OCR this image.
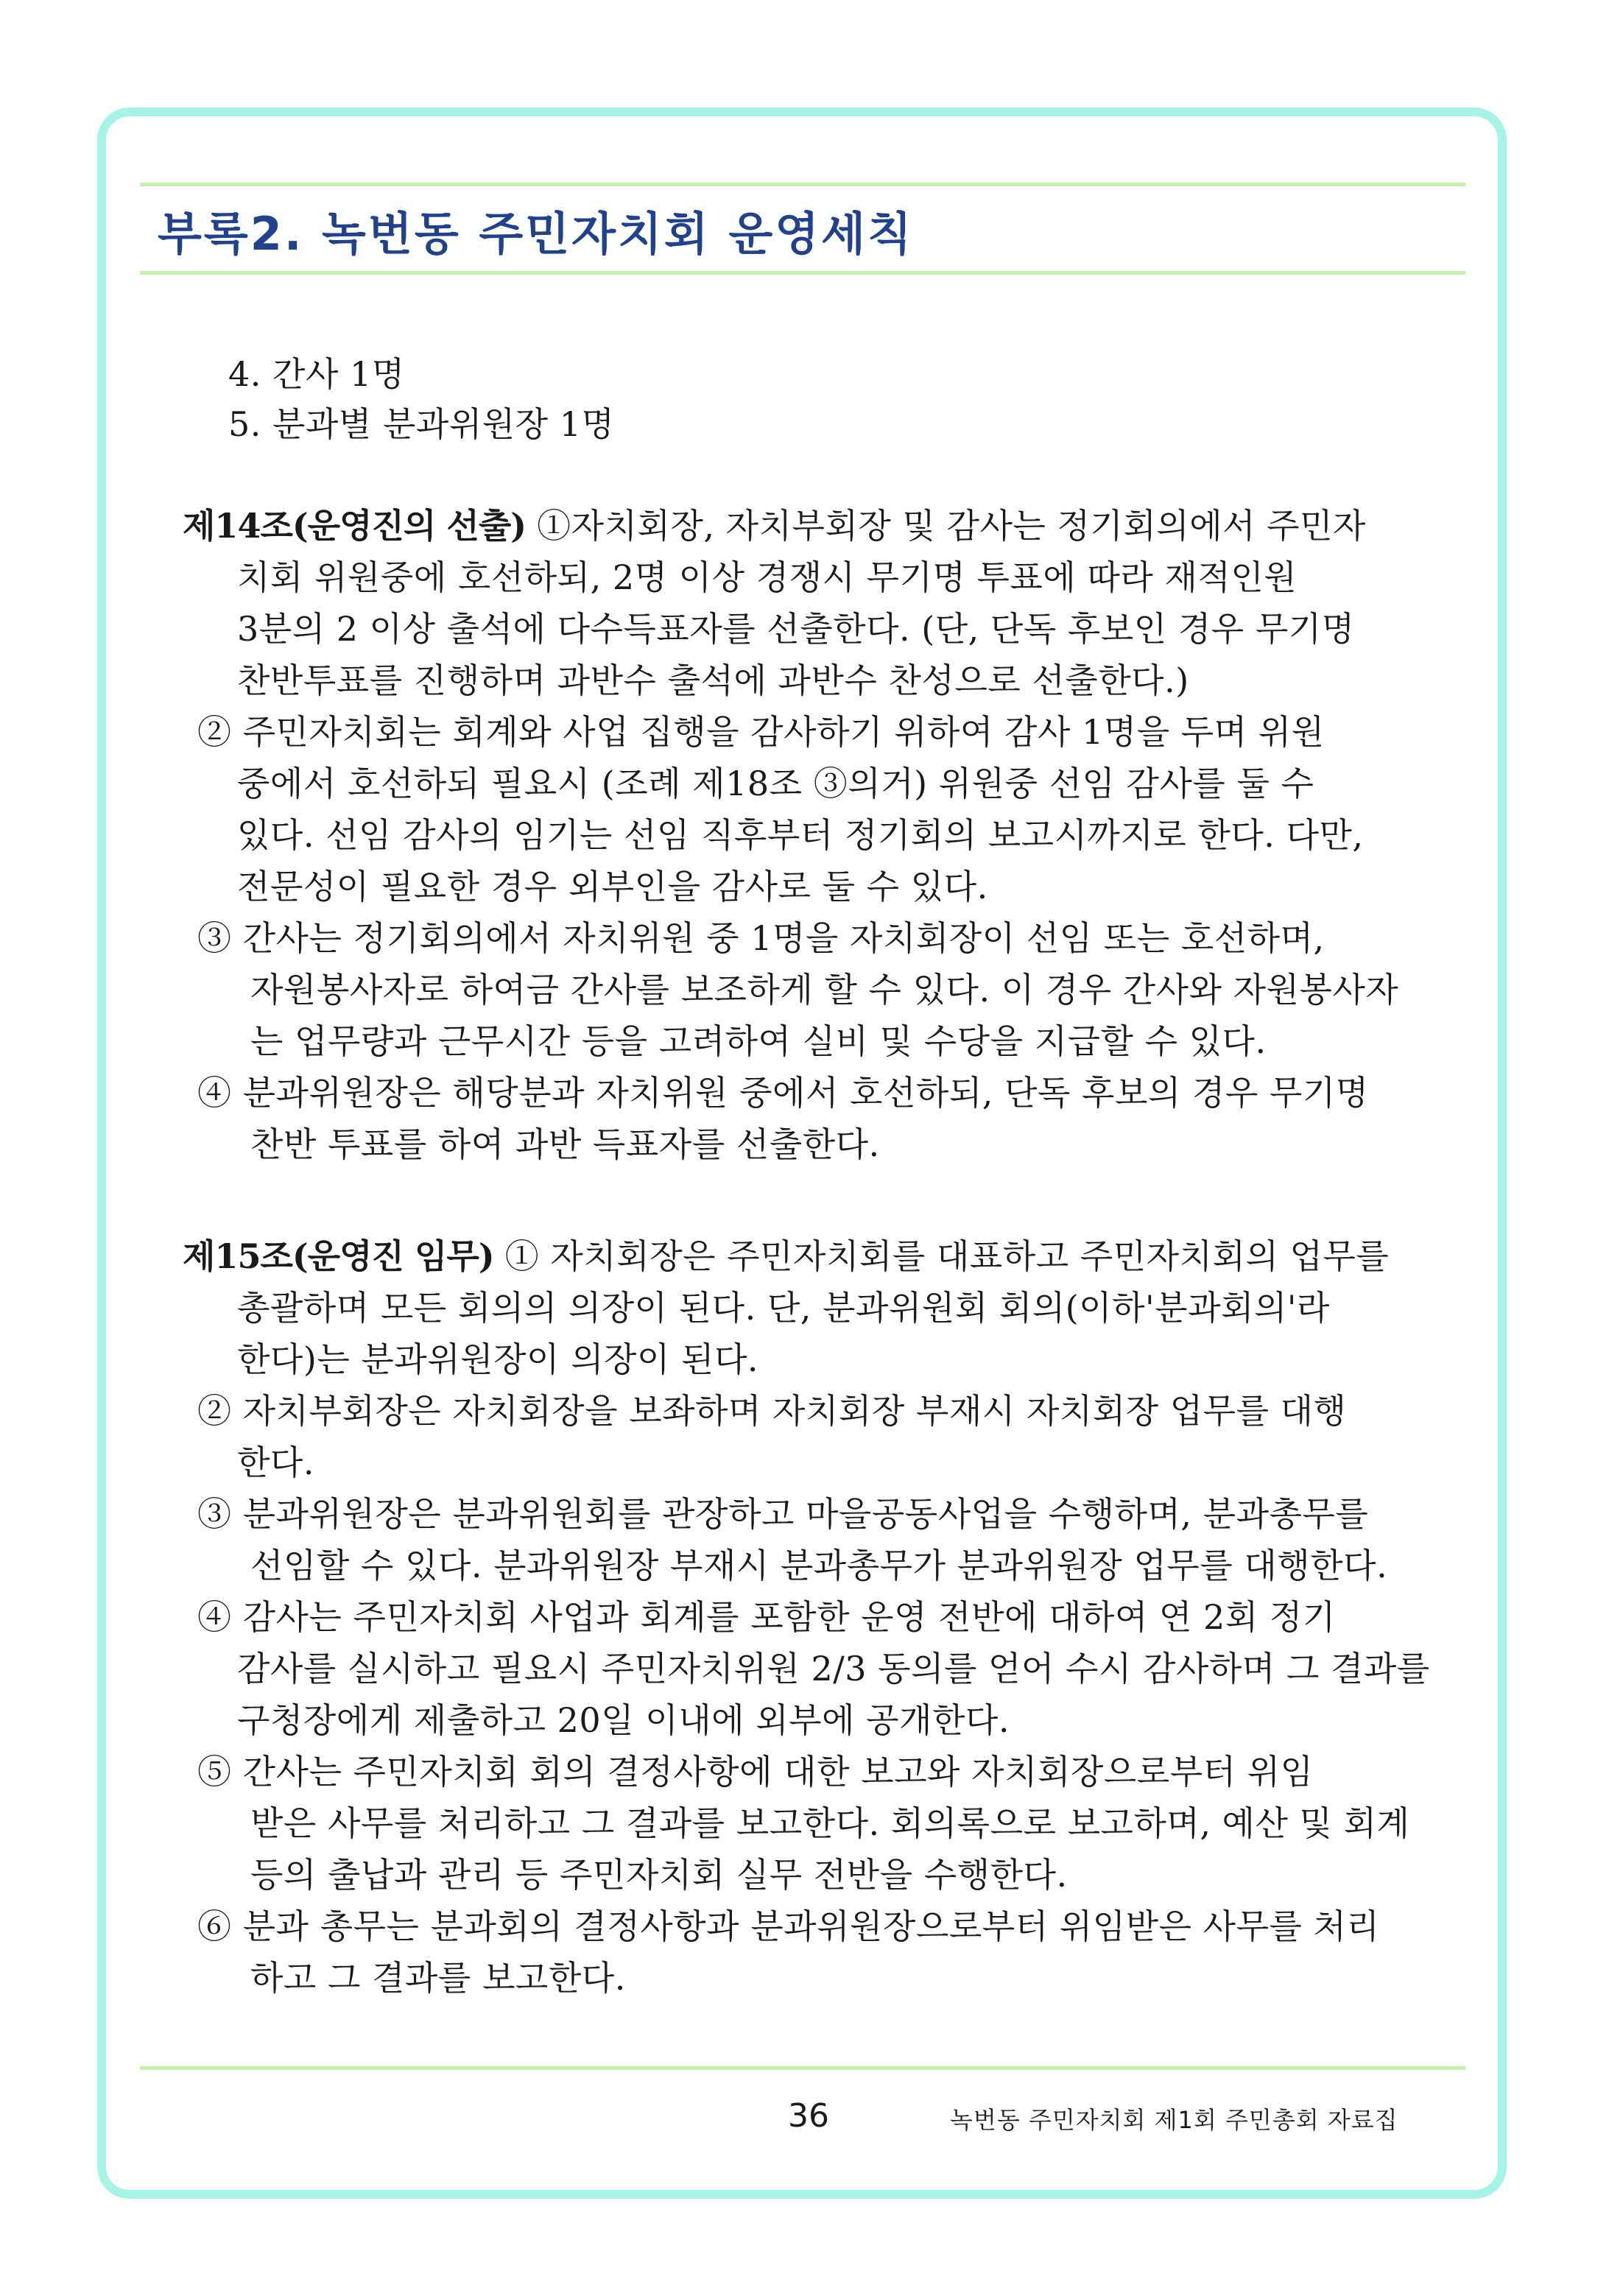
부록2. 녹번동 주민자치회 운영세칙
4. 간사 1명
5. 분과별 분과위원장 1명
제14조(운영진의 선출) ①자치회장, 자치부회장 및 감사는 정기회의에서 주민자
치회 위원중에 호선하되, 2명 이상 경쟁시 무기명 투표에 따라 재적인원
3분의 2 이상 출석에 다수득표자를 선출한다. (단, 단독 후보인 경우 무기명
찬반투표를 진행하며 과반수 출석에 과반수 찬성으로 선출한다.)
② 주민자치회는 회계와 사업 집행을 감사하기 위하여 감사 1명을 두며 위원
중에서 호선하되 필요시 (조례 제18조 ③의거) 위원중 선임 감사를 둘 수
있다. 선임 감사의 임기는 선임 직후부터 정기회의 보고시까지로 한다. 다만,
전문성이 필요한 경우 외부인을 감사로 둘 수 있다.
③ 간사는 정기회의에서 자치위원 중 1명을 자치회장이 선임 또는 호선하며,
자원봉사자로 하여금 간사를 보조하게 할 수 있다. 이 경우 간사와 자원봉사자
는 업무량과 근무시간 등을 고려하여 실비 및 수당을 지급할 수 있다.
④ 분과위원장은 해당분과 자치위원 중에서 호선하되, 단독 후보의 경우 무기명
찬반 투표를 하여 과반 득표자를 선출한다.
제15조(운영진 임무) ① 자치회장은 주민자치회를 대표하고 주민자치회의 업무를
총괄하며 모든 회의의 의장이 된다. 단, 분과위원회 회의(이하'분과회의'라
한다)는 분과위원장이 의장이 된다.
② 자치부회장은 자치회장을 보좌하며 자치회장 부재시 자치회장 업무를 대행
한다.
③ 분과위원장은 분과위원회를 관장하고 마을공동사업을 수행하며, 분과총무를
선임할 수 있다. 분과위원장 부재시 분과총무가 분과위원장 업무를 대행한다.
④ 감사는 주민자치회 사업과 회계를 포함한 운영 전반에 대하여 연 2회 정기
감사를 실시하고 필요시 주민자치위원 2/3 동의를 얻어 수시 감사하며 그 결과를
구청장에게 제출하고 20일 이내에 외부에 공개한다.
⑤ 간사는 주민자치회 회의 결정사항에 대한 보고와 자치회장으로부터 위임
받은 사무를 처리하고 그 결과를 보고한다. 회의록으로 보고하며, 예산 및 회계
등의 출납과 관리 등 주민자치회 실무 전반을 수행한다.
⑥ 분과 총무는 분과회의 결정사항과 분과위원장으로부터 위임받은 사무를 처리
하고 그 결과를 보고한다.
36	녹번동 주민자치회 제1회 주민총회 자료집
